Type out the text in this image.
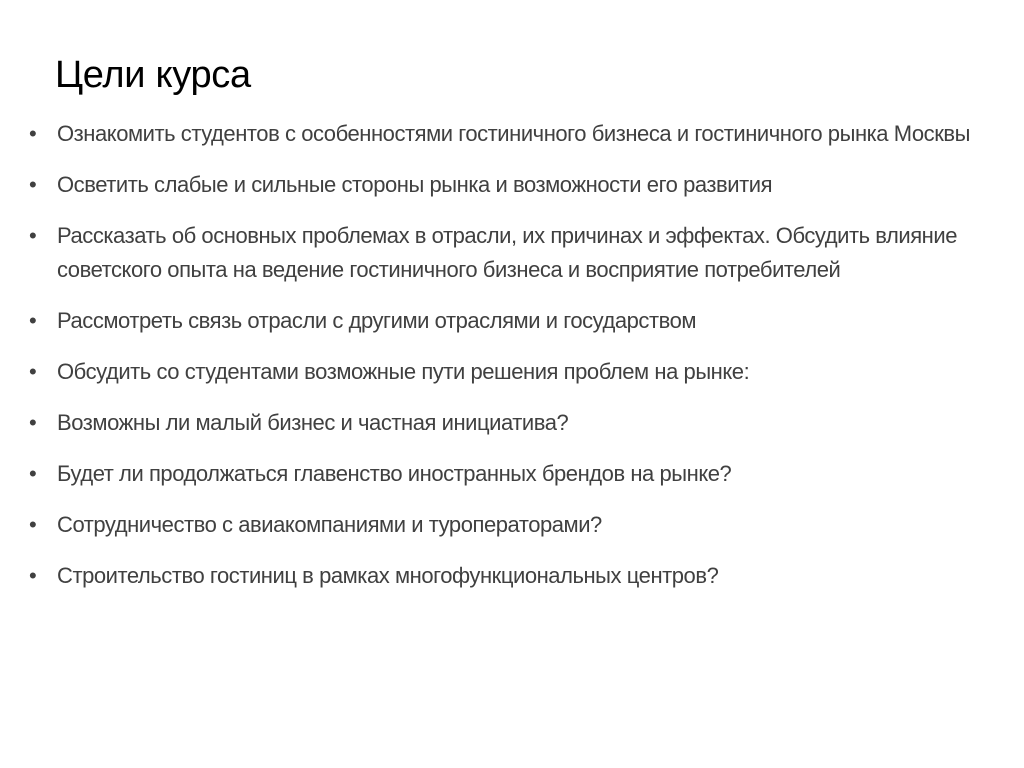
Цели курса
• Ознакомить студентов с особенностями гостиничного бизнеса и гостиничного рынка Москвы
• Осветить слабые и сильные стороны рынка и возможности его развития
• Рассказать об основных проблемах в отрасли, их причинах и эффектах. Обсудить влияние советского опыта на ведение гостиничного бизнеса и восприятие потребителей
• Рассмотреть связь отрасли с другими отраслями и государством
• Обсудить со студентами возможные пути решения проблем на рынке:
• Возможны ли малый бизнес и частная инициатива?
• Будет ли продолжаться главенство иностранных брендов на рынке?
• Сотрудничество с авиакомпаниями и туроператорами?
• Строительство гостиниц в рамках многофункциональных центров?
